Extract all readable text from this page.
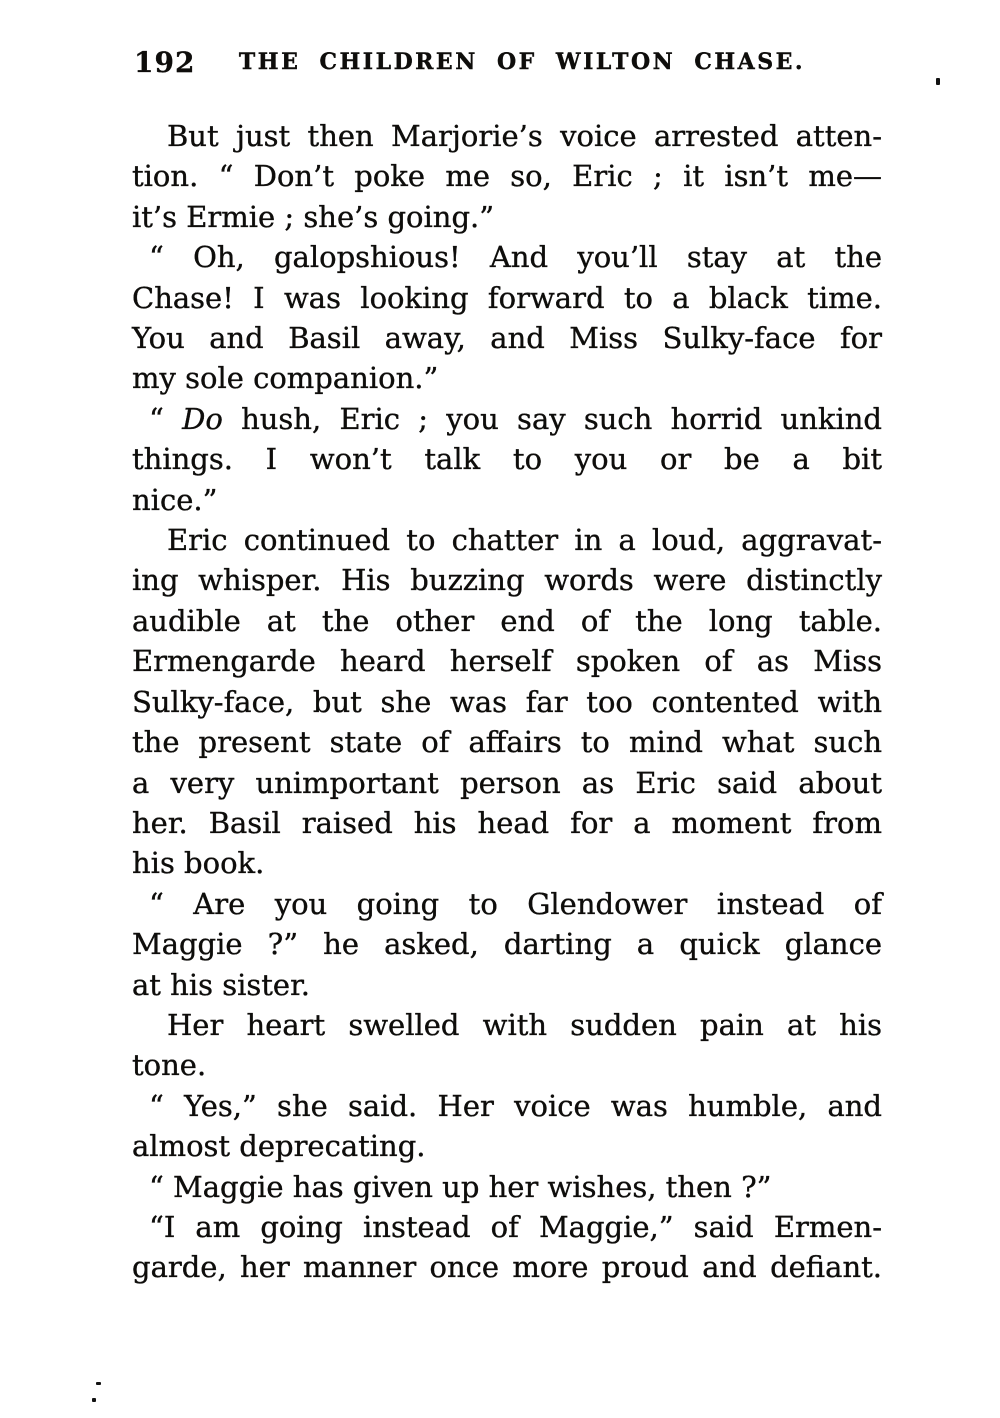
192	THE CHILDREN OF WILTON CHASE.
But just then Marjorie’s voice arrested atten-
tion. “ Don’t poke me so, Eric ; it isn’t me—
it’s Ermie ; she’s going.”
“ Oh, galopshious! And you’ll stay at the
Chase! I was looking forward to a black time.
You and Basil away, and Miss Sulky-face for
my sole companion.”
“ Do hush, Eric ; you say such horrid unkind
things. I won’t talk to you or be a bit
nice.”
Eric continued to chatter in a loud, aggravat-
ing whisper. His buzzing words were distinctly
audible at the other end of the long table.
Ermengarde heard herself spoken of as Miss
Sulky-face, but she was far too contented with
the present state of affairs to mind what such
a very unimportant person as Eric said about
her. Basil raised his head for a moment from
his book.
“ Are you going to Glendower instead of
Maggie ?” he asked, darting a quick glance
at his sister.
Her heart swelled with sudden pain at his
tone.
“ Yes,” she said. Her voice was humble, and
almost deprecating.
“ Maggie has given up her wishes, then ?”
“I am going instead of Maggie,” said Ermen-
garde, her manner once more proud and defiant.
